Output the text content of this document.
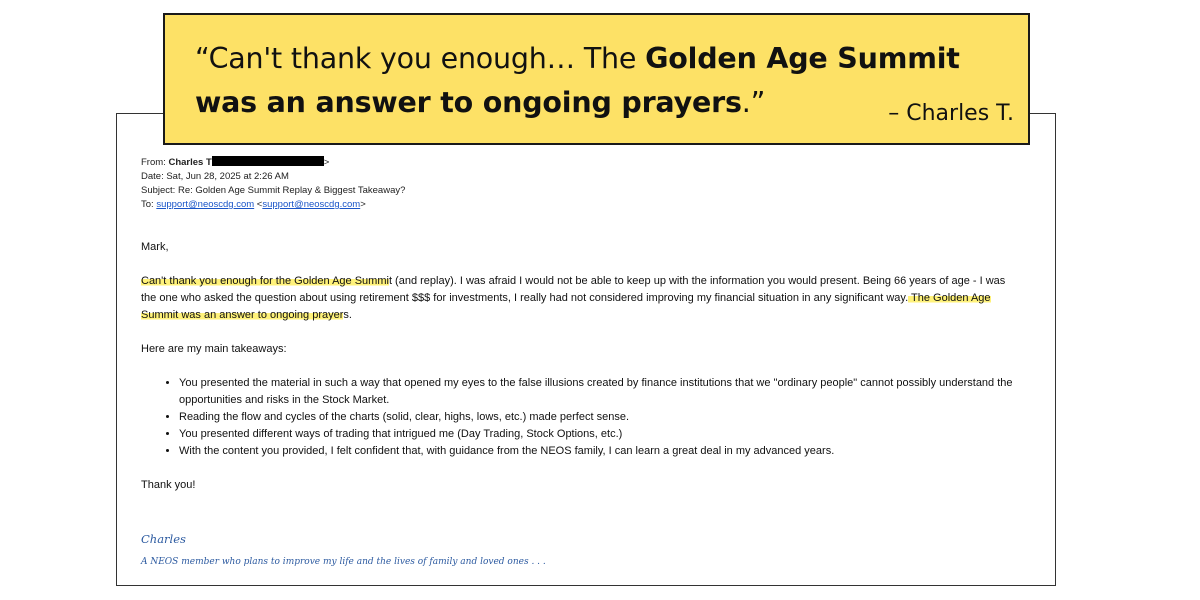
From: Charles T	>
Date: Sat, Jun 28, 2025 at 2:26 AM
Subject: Re: Golden Age Summit Replay & Biggest Takeaway?
To: support@neoscdg.com <support@neoscdg.com>

Mark,

Can't thank you enough for the Golden Age Summit (and replay). I was afraid I would not be able to keep up with the information you would present. Being 66 years of age - I was the one who asked the question about using retirement $$$ for investments, I really had not considered improving my financial situation in any significant way. The Golden Age Summit was an answer to ongoing prayers.

Here are my main takeaways:

• You presented the material in such a way that opened my eyes to the false illusions created by finance institutions that we "ordinary people" cannot possibly understand the opportunities and risks in the Stock Market.
• Reading the flow and cycles of the charts (solid, clear, highs, lows, etc.) made perfect sense.
• You presented different ways of trading that intrigued me (Day Trading, Stock Options, etc.)
• With the content you provided, I felt confident that, with guidance from the NEOS family, I can learn a great deal in my advanced years.

Thank you!

Charles
A NEOS member who plans to improve my life and the lives of family and loved ones . . .
“Can't thank you enough… The Golden Age Summit
was an answer to ongoing prayers.”	– Charles T.
